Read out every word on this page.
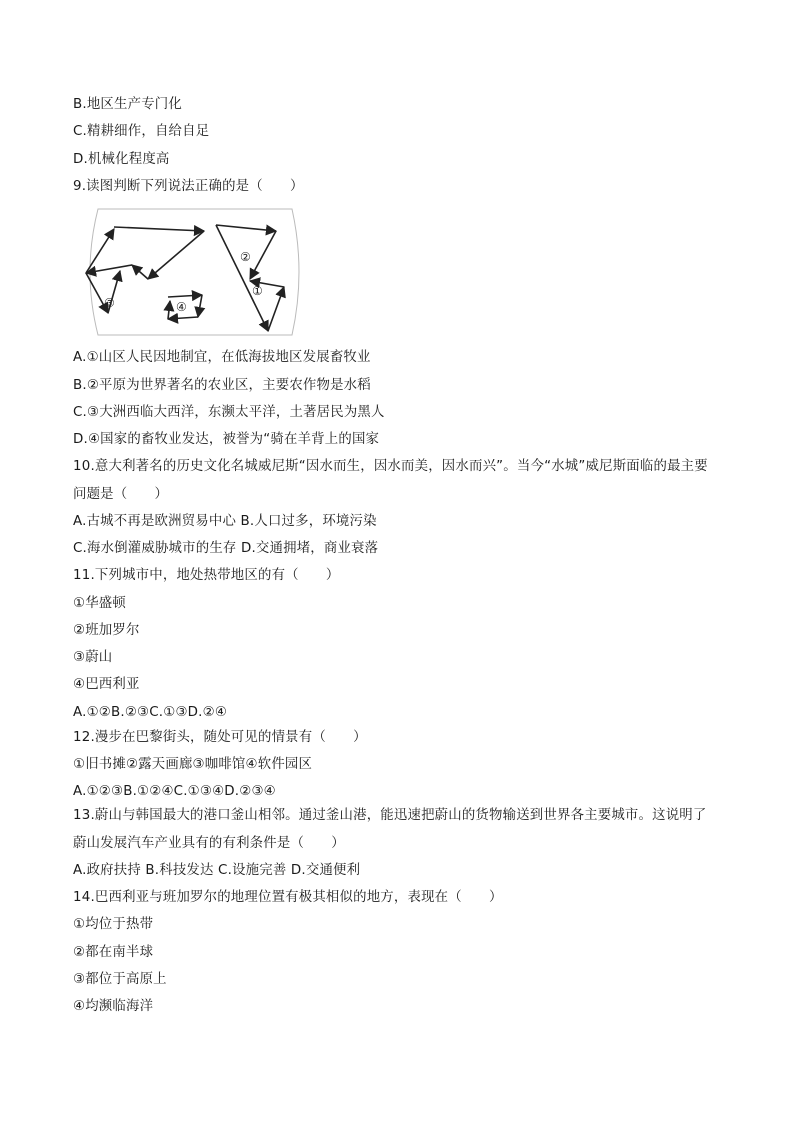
B.地区生产专门化
C.精耕细作，自给自足
D.机械化程度高
9.读图判断下列说法正确的是（　　）
②
①
③	④
A.①山区人民因地制宜，在低海拔地区发展畜牧业
B.②平原为世界著名的农业区，主要农作物是水稻
C.③大洲西临大西洋，东濒太平洋，土著居民为黑人
D.④国家的畜牧业发达，被誉为“骑在羊背上的国家
10.意大利著名的历史文化名城威尼斯“因水而生，因水而美，因水而兴”。当今“水城”威尼斯面临的最主要
问题是（　　）
A.古城不再是欧洲贸易中心 B.人口过多，环境污染
C.海水倒灌威胁城市的生存 D.交通拥堵，商业衰落
11.下列城市中，地处热带地区的有（　　）
①华盛顿
②班加罗尔
③蔚山
④巴西利亚
A.①②B.②③C.①③D.②④
12.漫步在巴黎街头，随处可见的情景有（　　）
①旧书摊②露天画廊③咖啡馆④软件园区
A.①②③B.①②④C.①③④D.②③④
13.蔚山与韩国最大的港口釜山相邻。通过釜山港，能迅速把蔚山的货物输送到世界各主要城市。这说明了
蔚山发展汽车产业具有的有利条件是（　　）
A.政府扶持 B.科技发达 C.设施完善 D.交通便利
14.巴西利亚与班加罗尔的地理位置有极其相似的地方，表现在（　　）
①均位于热带
②都在南半球
③都位于高原上
④均濒临海洋
